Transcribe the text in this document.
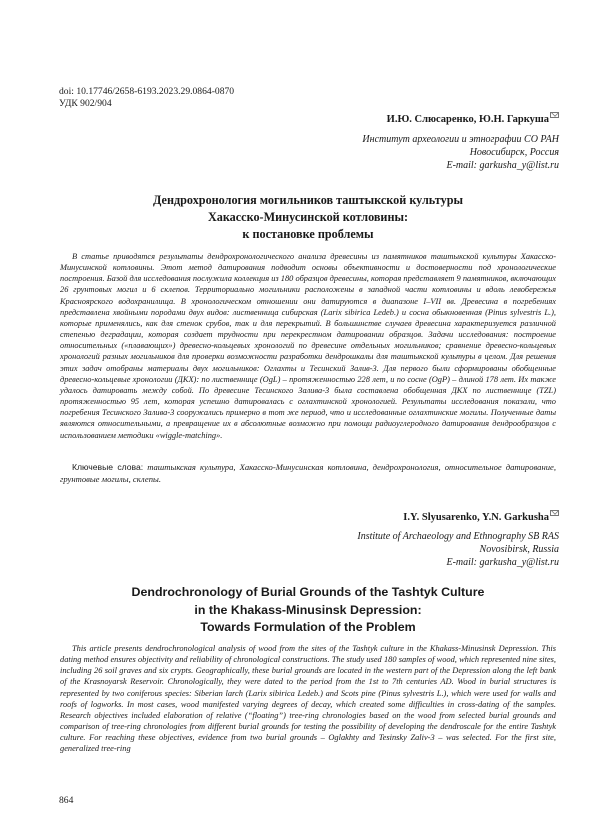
doi: 10.17746/2658-6193.2023.29.0864-0870
УДК 902/904
И.Ю. Слюсаренко, Ю.Н. Гаркуша
Институт археологии и этнографии СО РАН
Новосибирск, Россия
E-mail: garkusha_y@list.ru
Дендрохронология могильников таштыкской культуры
Хакасско-Минусинской котловины:
к постановке проблемы

В статье приводятся результаты дендрохронологического анализа древесины из памятников таштыкской культуры Хакасско-Минусинской котловины. Этот метод датирования подводит основы объективности и достоверности под хронологические построения. Базой для исследования послужила коллекция из 180 образцов древесины, которая представляет 9 памятников, включающих 26 грунтовых могил и 6 склепов. Территориально могильники расположены в западной части котловины и вдоль левобережья Красноярского водохранилища. В хронологическом отношении они датируются в диапазоне I–VII вв. Древесина в погребениях представлена хвойными породами двух видов: лиственница сибирская (Larix sibirica Ledeb.) и сосна обыкновенная (Pinus sylvestris L.), которые применялись, как для стенок срубов, так и для перекрытий. В большинстве случаев древесина характеризуется различной степенью деградации, которая создает трудности при перекрестном датировании образцов. Задачи исследования: построение относительных («плавающих») древесно-кольцевых хронологий по древесине отдельных могильников; сравнение древесно-кольцевых хронологий разных могильников для проверки возможности разработки дендрошкалы для таштыкской культуры в целом. Для решения этих задач отобраны материалы двух могильников: Оглахты и Тесинский Залив-3. Для первого были сформированы обобщенные древесно-кольцевые хронологии (ДКХ): по лиственнице (OgL) – протяженностью 228 лет, и по сосне (OgP) – длиной 178 лет. Их также удалось датировать между собой. По древесине Тесинского Залива-3 была составлена обобщенная ДКХ по лиственнице (TZL) протяженностью 95 лет, которая успешно датировалась с оглахтинской хронологией. Результаты исследования показали, что погребения Тесинского Залива-3 сооружались примерно в тот же период, что и исследованные оглахтинские могилы. Полученные даты являются относительными, а превращение их в абсолютные возможно при помощи радиоуглеродного датирования дендрообразцов с использованием методики «wiggle-matching».

Ключевые слова: таштыкская культура, Хакасско-Минусинская котловина, дендрохронология, относительное датирование, грунтовые могилы, склепы.
I.Y. Slyusarenko, Y.N. Garkusha
Institute of Archaeology and Ethnography SB RAS
Novosibirsk, Russia
E-mail: garkusha_y@list.ru
Dendrochronology of Burial Grounds of the Tashtyk Culture
in the Khakass-Minusinsk Depression:
Towards Formulation of the Problem

This article presents dendrochronological analysis of wood from the sites of the Tashtyk culture in the Khakass-Minusinsk Depression. This dating method ensures objectivity and reliability of chronological constructions. The study used 180 samples of wood, which represented nine sites, including 26 soil graves and six crypts. Geographically, these burial grounds are located in the western part of the Depression along the left bank of the Krasnoyarsk Reservoir. Chronologically, they were dated to the period from the 1st to 7th centuries AD. Wood in burial structures is represented by two coniferous species: Siberian larch (Larix sibirica Ledeb.) and Scots pine (Pinus sylvestris L.), which were used for walls and roofs of logworks. In most cases, wood manifested varying degrees of decay, which created some difficulties in cross-dating of the samples. Research objectives included elaboration of relative (“floating”) tree-ring chronologies based on the wood from selected burial grounds and comparison of tree-ring chronologies from different burial grounds for testing the possibility of developing the dendroscale for the entire Tashtyk culture. For reaching these objectives, evidence from two burial grounds – Oglakhty and Tesinsky Zaliv-3 – was selected. For the first site, generalized tree-ring

864
